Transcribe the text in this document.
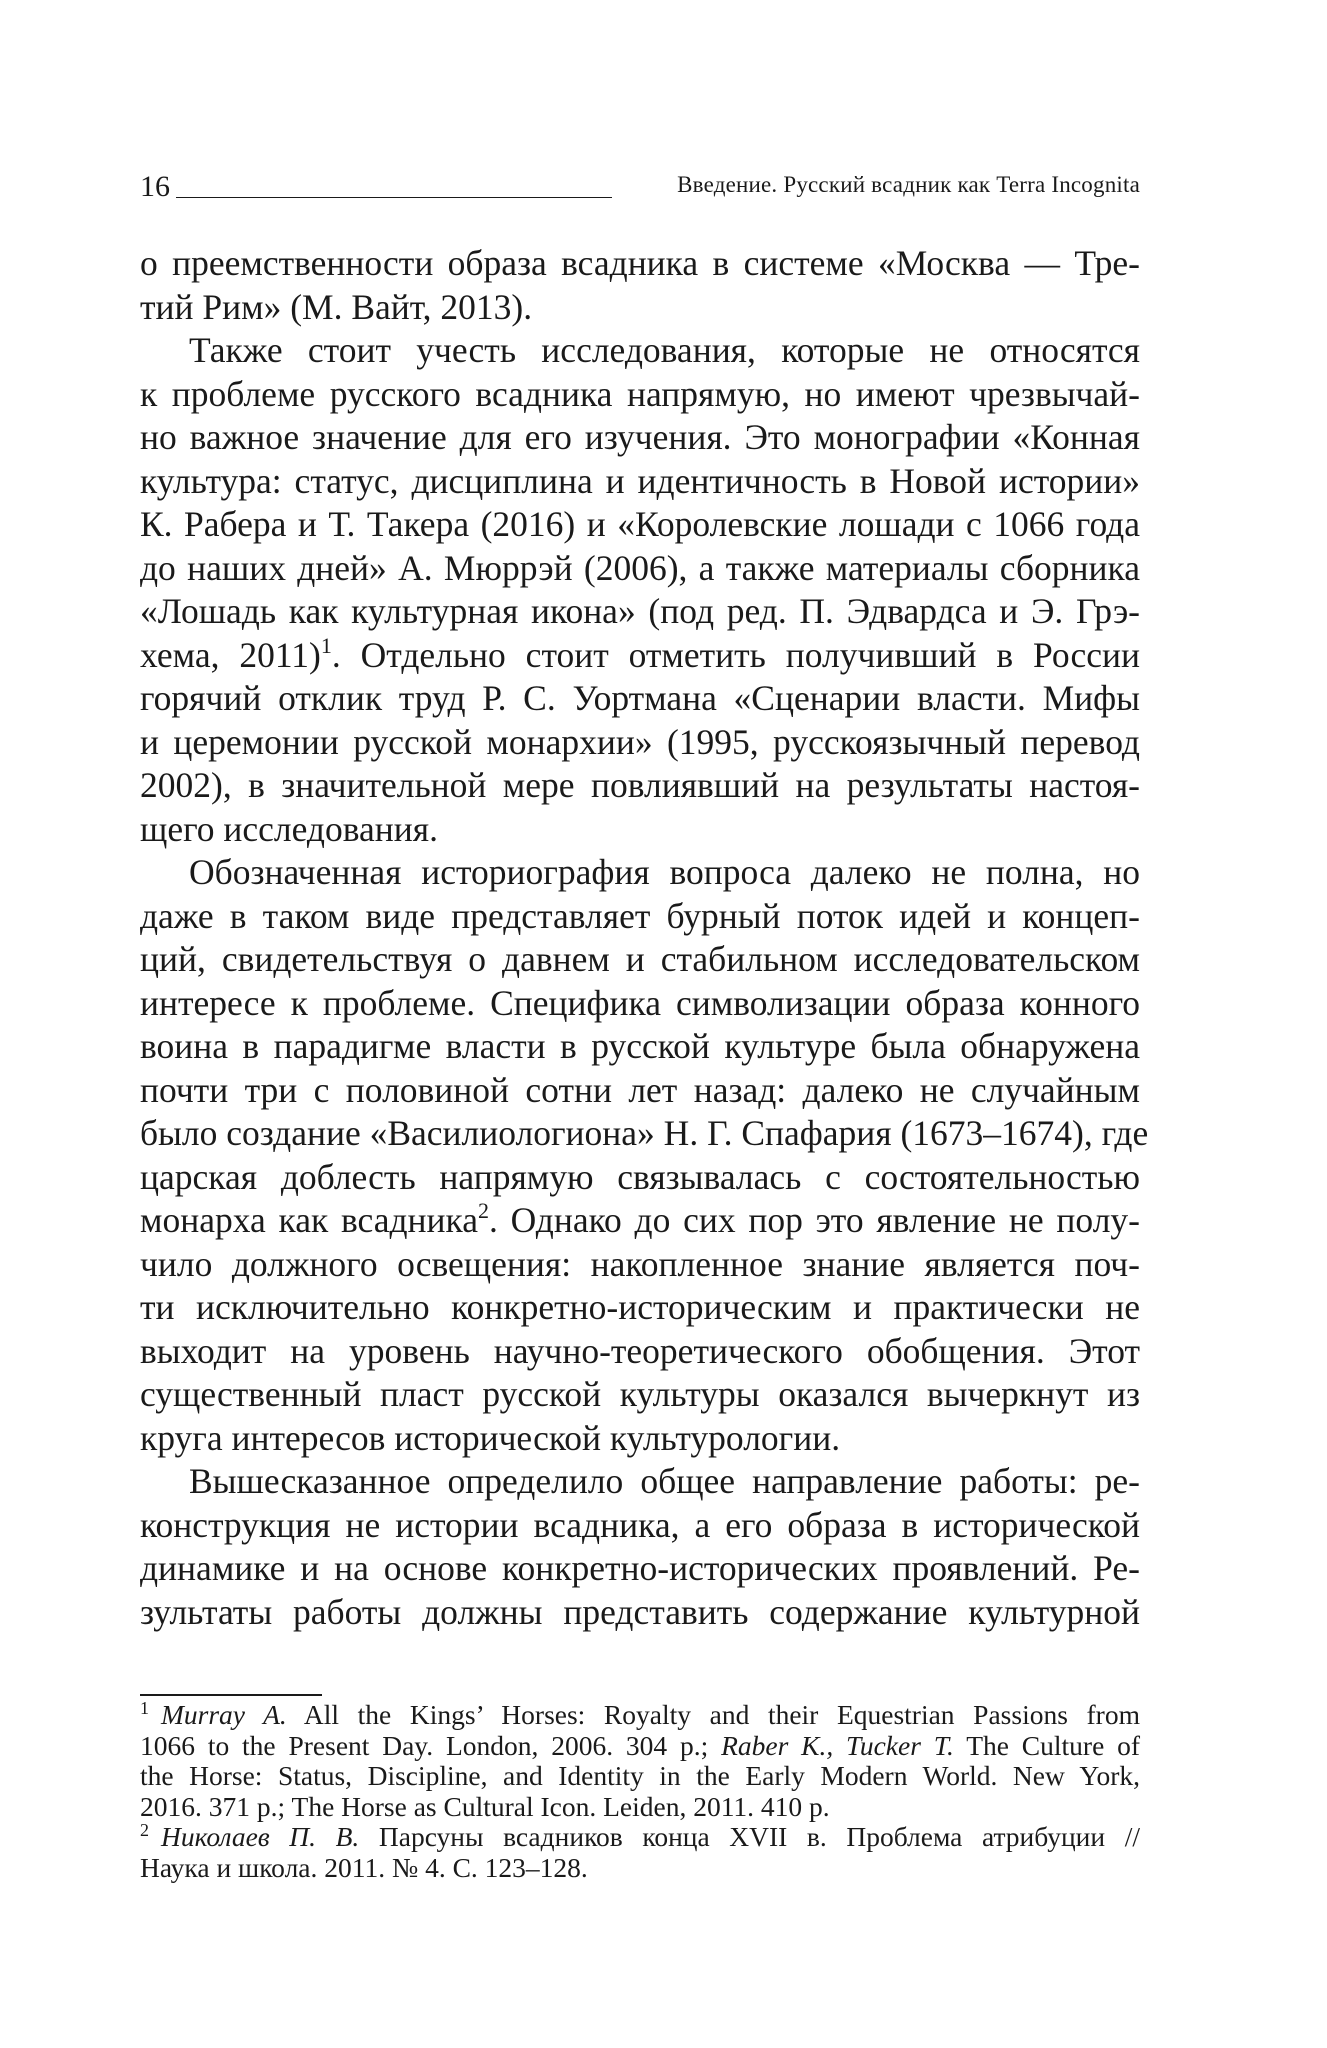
16	Введение. Русский всадник как Terra Incognita
о преемственности образа всадника в системе «Москва — Тре-
тий Рим» (М. Вайт, 2013).
Также стоит учесть исследования, которые не относятся
к проблеме русского всадника напрямую, но имеют чрезвычай-
но важное значение для его изучения. Это монографии «Конная
культура: статус, дисциплина и идентичность в Новой истории»
К. Рабера и Т. Такера (2016) и «Королевские лошади с 1066 года
до наших дней» А. Мюррэй (2006), а также материалы сборника
«Лошадь как культурная икона» (под ред. П. Эдвардса и Э. Грэ-
хема, 2011)$^1$. Отдельно стоит отметить получивший в России
горячий отклик труд Р. С. Уортмана «Сценарии власти. Мифы
и церемонии русской монархии» (1995, русскоязычный перевод
2002), в значительной мере повлиявший на результаты настоя-
щего исследования.
Обозначенная историография вопроса далеко не полна, но
даже в таком виде представляет бурный поток идей и концеп-
ций, свидетельствуя о давнем и стабильном исследовательском
интересе к проблеме. Специфика символизации образа конного
воина в парадигме власти в русской культуре была обнаружена
почти три с половиной сотни лет назад: далеко не случайным
было создание «Василиологиона» Н. Г. Спафария (1673–1674), где
царская доблесть напрямую связывалась с состоятельностью
монарха как всадника$^2$. Однако до сих пор это явление не полу-
чило должного освещения: накопленное знание является поч-
ти исключительно конкретно-историческим и практически не
выходит на уровень научно-теоретического обобщения. Этот
существенный пласт русской культуры оказался вычеркнут из
круга интересов исторической культурологии.
Вышесказанное определило общее направление работы: ре-
конструкция не истории всадника, а его образа в исторической
динамике и на основе конкретно-исторических проявлений. Ре-
зультаты работы должны представить содержание культурной
$^1$ Murray A. All the Kings’ Horses: Royalty and their Equestrian Passions from
1066 to the Present Day. London, 2006. 304 p.; Raber K., Tucker T. The Culture of
the Horse: Status, Discipline, and Identity in the Early Modern World. New York,
2016. 371 p.; The Horse as Cultural Icon. Leiden, 2011. 410 p.
$^2$ Николаев П. В. Парсуны всадников конца XVII в. Проблема атрибуции //
Наука и школа. 2011. № 4. С. 123–128.
